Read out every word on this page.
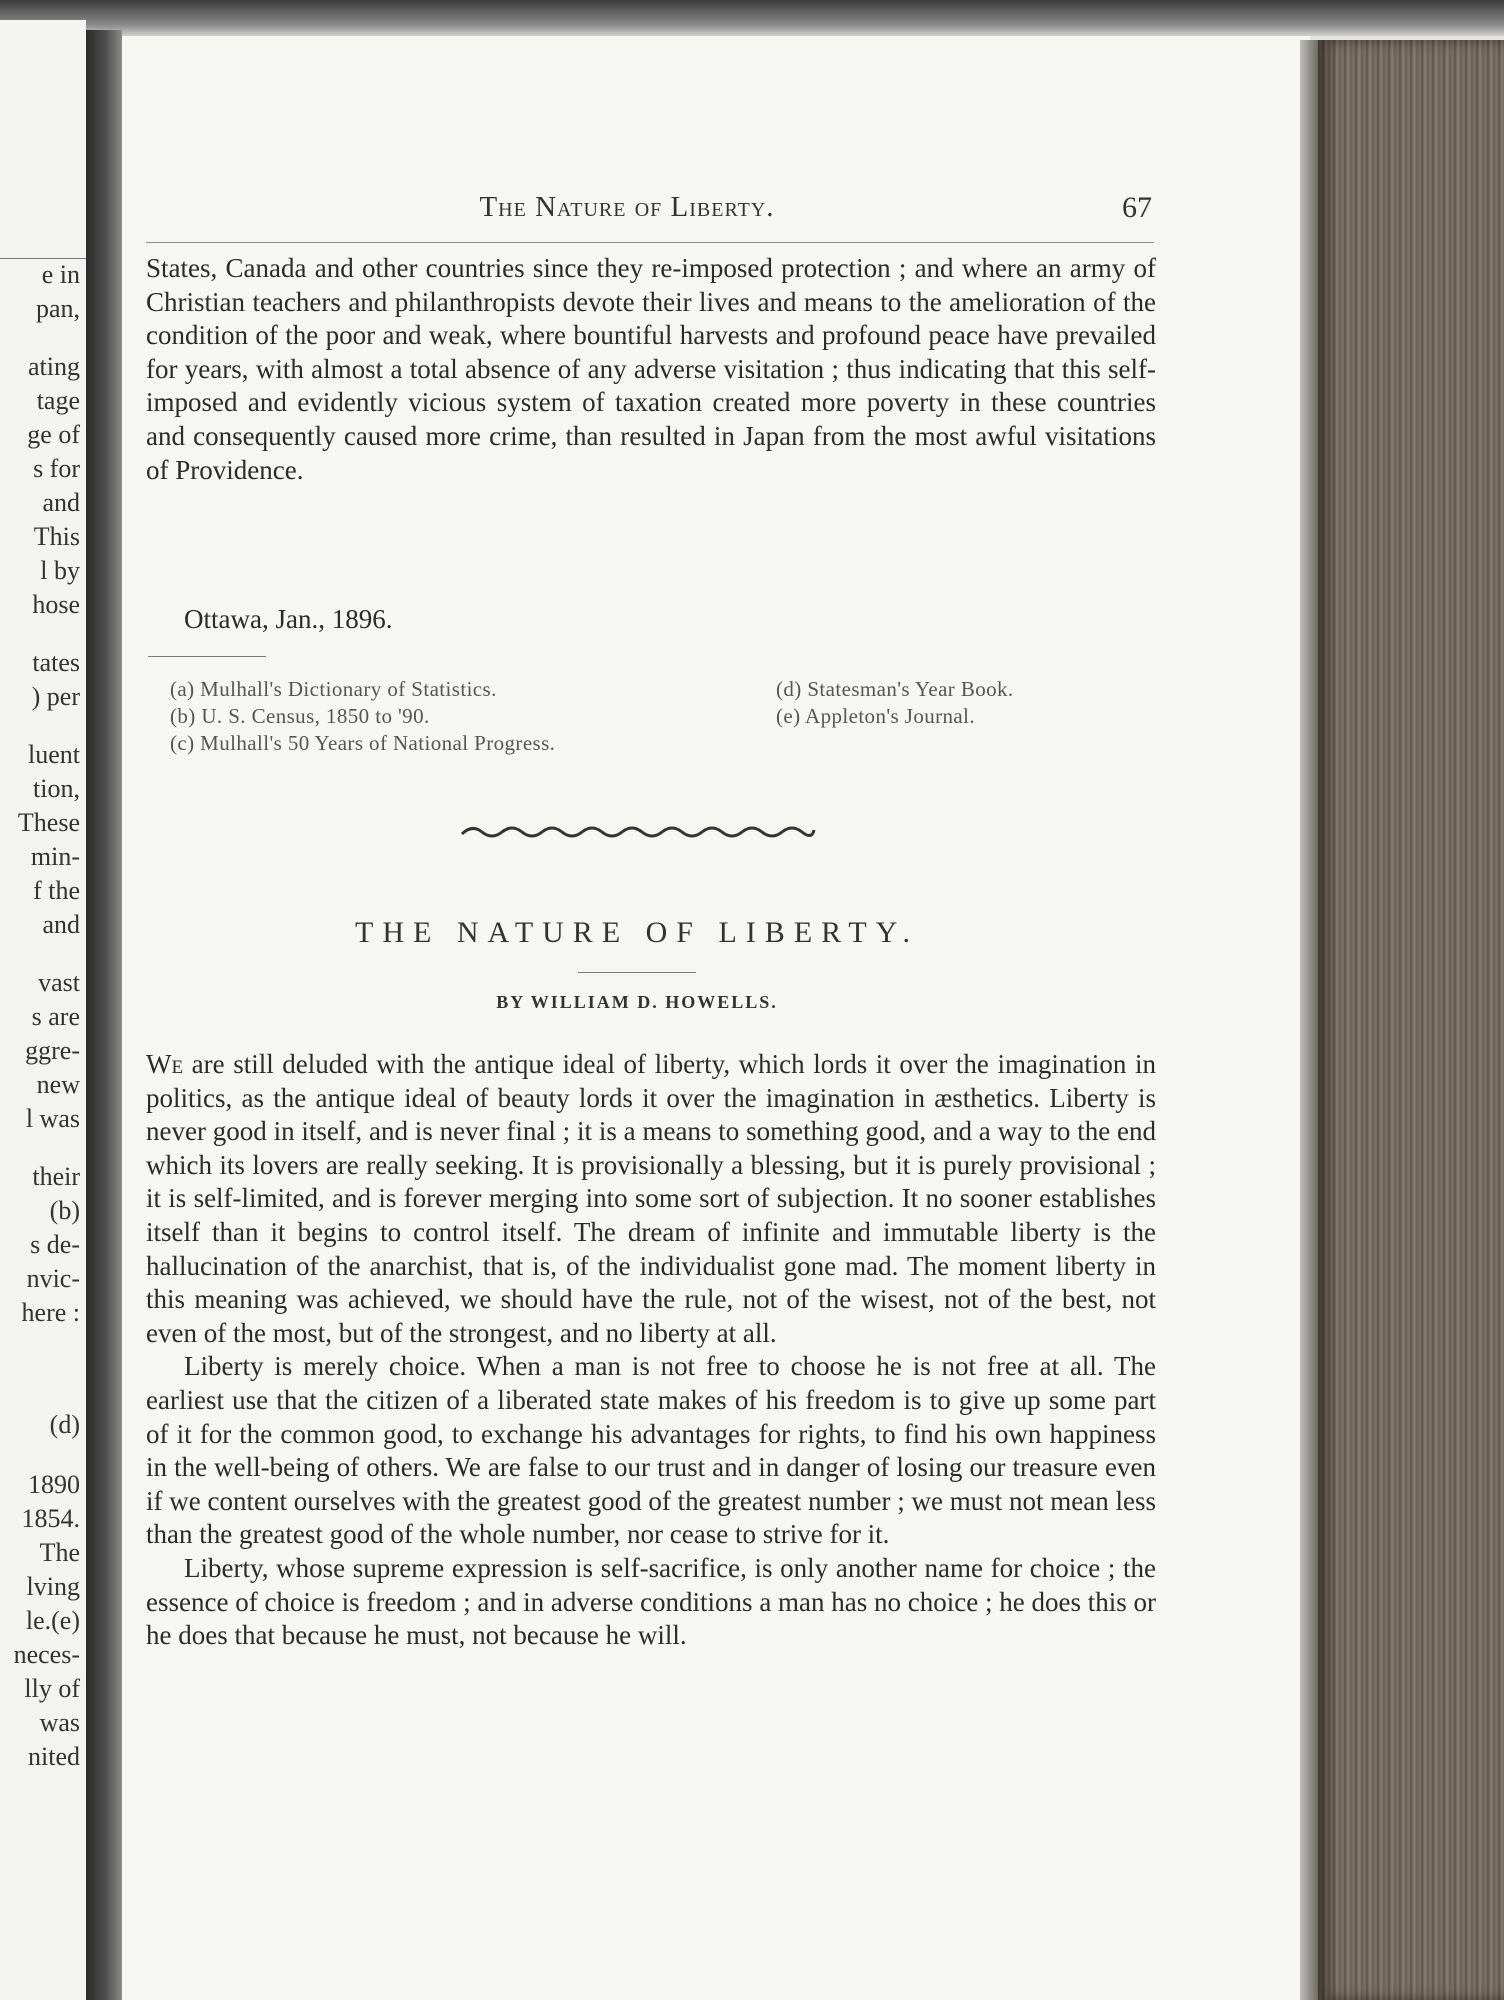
e in
pan,
ating
tage
ge of
s for
and
This
l by
hose
tates
) per
luent
tion,
These
min-
f the
and
vast
s are
ggre-
new
l was
their
(b)
s de-
nvic-
here :
(d)
1890
1854.
The
lving
le.(e)
neces-
lly of
was
nited
The Nature of Liberty.	67

States, Canada and other countries since they re-imposed protection ; and where an army of Christian teachers and philanthropists devote their lives and means to the amelioration of the condition of the poor and weak, where bountiful harvests and profound peace have prevailed for years, with almost a total absence of any adverse visitation ; thus indicating that this self-imposed and evidently vicious system of taxation created more poverty in these countries and consequently caused more crime, than resulted in Japan from the most awful visitations of Providence.

Ottawa, Jan., 1896.
(a) Mulhall's Dictionary of Statistics.
(b) U. S. Census, 1850 to '90.
(c) Mulhall's 50 Years of National Progress.
(d) Statesman's Year Book.
(e) Appleton's Journal.
THE NATURE OF LIBERTY.
BY WILLIAM D. HOWELLS.

We are still deluded with the antique ideal of liberty, which lords it over the imagination in politics, as the antique ideal of beauty lords it over the imagination in æsthetics. Liberty is never good in itself, and is never final ; it is a means to something good, and a way to the end which its lovers are really seeking. It is provisionally a blessing, but it is purely provisional ; it is self-limited, and is forever merging into some sort of subjection. It no sooner establishes itself than it begins to control itself. The dream of infinite and immutable liberty is the hallucination of the anarchist, that is, of the individualist gone mad. The moment liberty in this meaning was achieved, we should have the rule, not of the wisest, not of the best, not even of the most, but of the strongest, and no liberty at all.

Liberty is merely choice. When a man is not free to choose he is not free at all. The earliest use that the citizen of a liberated state makes of his freedom is to give up some part of it for the common good, to exchange his advantages for rights, to find his own happiness in the well-being of others. We are false to our trust and in danger of losing our treasure even if we content ourselves with the greatest good of the greatest number ; we must not mean less than the greatest good of the whole number, nor cease to strive for it.

Liberty, whose supreme expression is self-sacrifice, is only another name for choice ; the essence of choice is freedom ; and in adverse conditions a man has no choice ; he does this or he does that because he must, not because he will.
